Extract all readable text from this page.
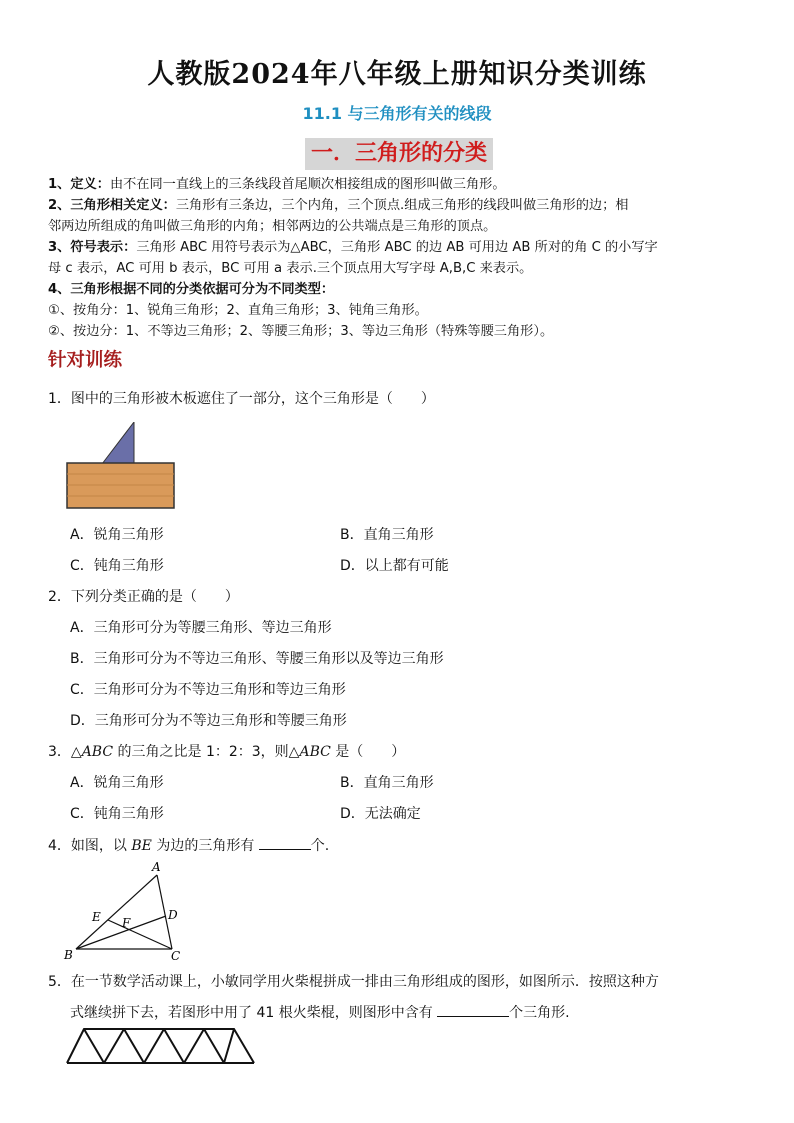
人教版2024年八年级上册知识分类训练
11.1 与三角形有关的线段
一．三角形的分类
1、定义：由不在同一直线上的三条线段首尾顺次相接组成的图形叫做三角形。
2、三角形相关定义：三角形有三条边，三个内角，三个顶点.组成三角形的线段叫做三角形的边；相
邻两边所组成的角叫做三角形的内角；相邻两边的公共端点是三角形的顶点。
3、符号表示：三角形 ABC 用符号表示为△ABC，三角形 ABC 的边 AB 可用边 AB 所对的角 C 的小写字
母 c 表示，AC 可用 b 表示，BC 可用 a 表示.三个顶点用大写字母 A,B,C 来表示。
4、三角形根据不同的分类依据可分为不同类型：
①、按角分：1、锐角三角形；2、直角三角形；3、钝角三角形。
②、按边分：1、不等边三角形；2、等腰三角形；3、等边三角形（特殊等腰三角形）。
针对训练
1．图中的三角形被木板遮住了一部分，这个三角形是（　　）
A．锐角三角形	B．直角三角形
C．钝角三角形	D．以上都有可能
2．下列分类正确的是（　　）
A．三角形可分为等腰三角形、等边三角形
B．三角形可分为不等边三角形、等腰三角形以及等边三角形
C．三角形可分为不等边三角形和等边三角形
D．三角形可分为不等边三角形和等腰三角形
3．△ABC 的三角之比是 1：2：3，则△ABC 是（　　）
A．锐角三角形	B．直角三角形
C．钝角三角形	D．无法确定
4．如图，以 BE 为边的三角形有	个.
A
B	C
D
E F
5．在一节数学活动课上，小敏同学用火柴棍拼成一排由三角形组成的图形，如图所示．按照这种方
式继续拼下去，若图形中用了 41 根火柴棍，则图形中含有	个三角形.
